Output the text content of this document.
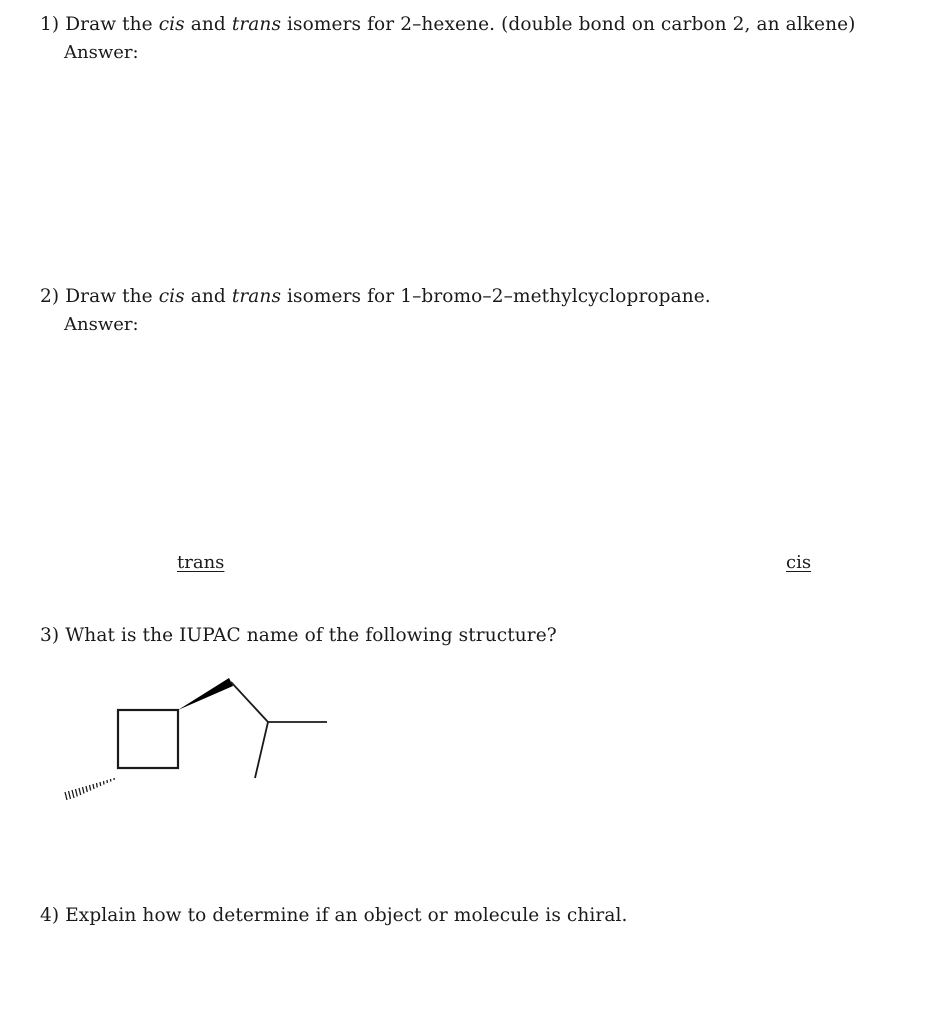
1) Draw the cis and trans isomers for 2–hexene. (double bond on carbon 2, an alkene)
Answer:
2) Draw the cis and trans isomers for 1–bromo–2–methylcyclopropane.
Answer:
trans	cis
3) What is the IUPAC name of the following structure?
4) Explain how to determine if an object or molecule is chiral.
